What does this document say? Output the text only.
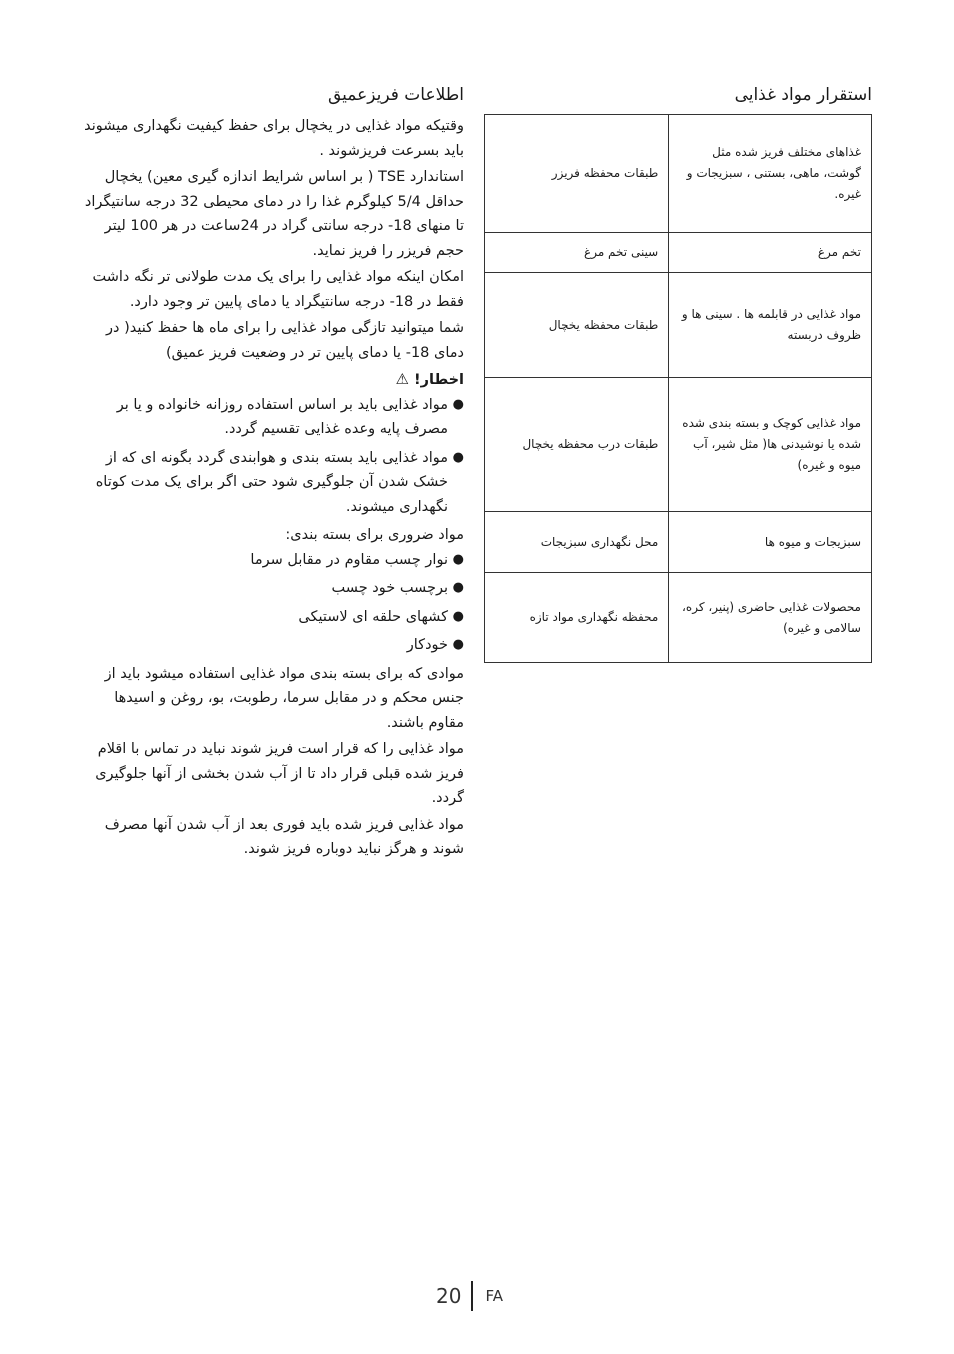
اطلاعات فریزعمیق

وقتیکه مواد غذایی در یخچال برای حفظ کیفیت نگهداری میشوند باید بسرعت فریزشوند .

استاندارد TSE ( بر اساس شرایط اندازه گیری معین) یخچال حداقل 5/4 کیلوگرم غذا را در دمای محیطی 32 درجه سانتیگراد تا منهای 18- درجه سانتی گراد در 24ساعت در هر 100 لیتر حجم فریزر را فریز نماید.

امکان اینکه مواد غذایی را برای یک مدت طولانی تر نگه داشت فقط در 18- درجه سانتیگراد یا دمای پایین تر وجود دارد.

شما میتوانید تازگی مواد غذایی را برای ماه ها حفظ کنید( در دمای 18- یا دمای پایین تر در وضعیت فریز عمیق)

اخطار! ⚠

●
مواد غذایی باید بر اساس استفاده روزانه خانواده و یا بر مصرف پایه وعده غذایی تقسیم گردد.
●
مواد غذایی باید بسته بندی و هوابندی گردد بگونه ای که از خشک شدن آن جلوگیری شود حتی اگر برای یک مدت کوتاه نگهداری میشوند.

مواد ضروری برای بسته بندی:

●
نوار چسب مقاوم در مقابل سرما
●
برچسب خود چسب
●
کشهای حلقه ای لاستیکی
●
خودکار

موادی که برای بسته بندی مواد غذایی استفاده میشود باید از جنس محکم و در مقابل سرما، رطوبت، بو، روغن و اسیدها مقاوم باشند.

مواد غذایی را که قرار است فریز شوند نباید در تماس با اقلام فریز شده قبلی قرار داد تا از آب شدن بخشی از آنها جلوگیری گردد.

مواد غذایی فریز شده باید فوری بعد از آب شدن آنها مصرف شوند و هرگز نباید دوباره فریز شوند.

استقرار مواد غذایی
غذاهای مختلف فریز شده مثل گوشت، ماهی، بستنی ، سبزیجات و غیره.	طبقات محفظه فریزر
تخم مرغ	سینی تخم مرغ
مواد غذایی در قابلمه ها . سینی ها و ظروف دربسته	طبقات محفظه یخچال
مواد غذایی کوچک و بسته بندی شده شده یا نوشیدنی ها( مثل شیر، آب میوه و غیره)	طبقات درب محفظه یخچال
سبزیجات و میوه ها	محل نگهداری سبزیجات
محصولات غذایی حاضری (پنیر، کره، سالامی و غیره)	محفظه نگهداری مواد تازه
20 FA
